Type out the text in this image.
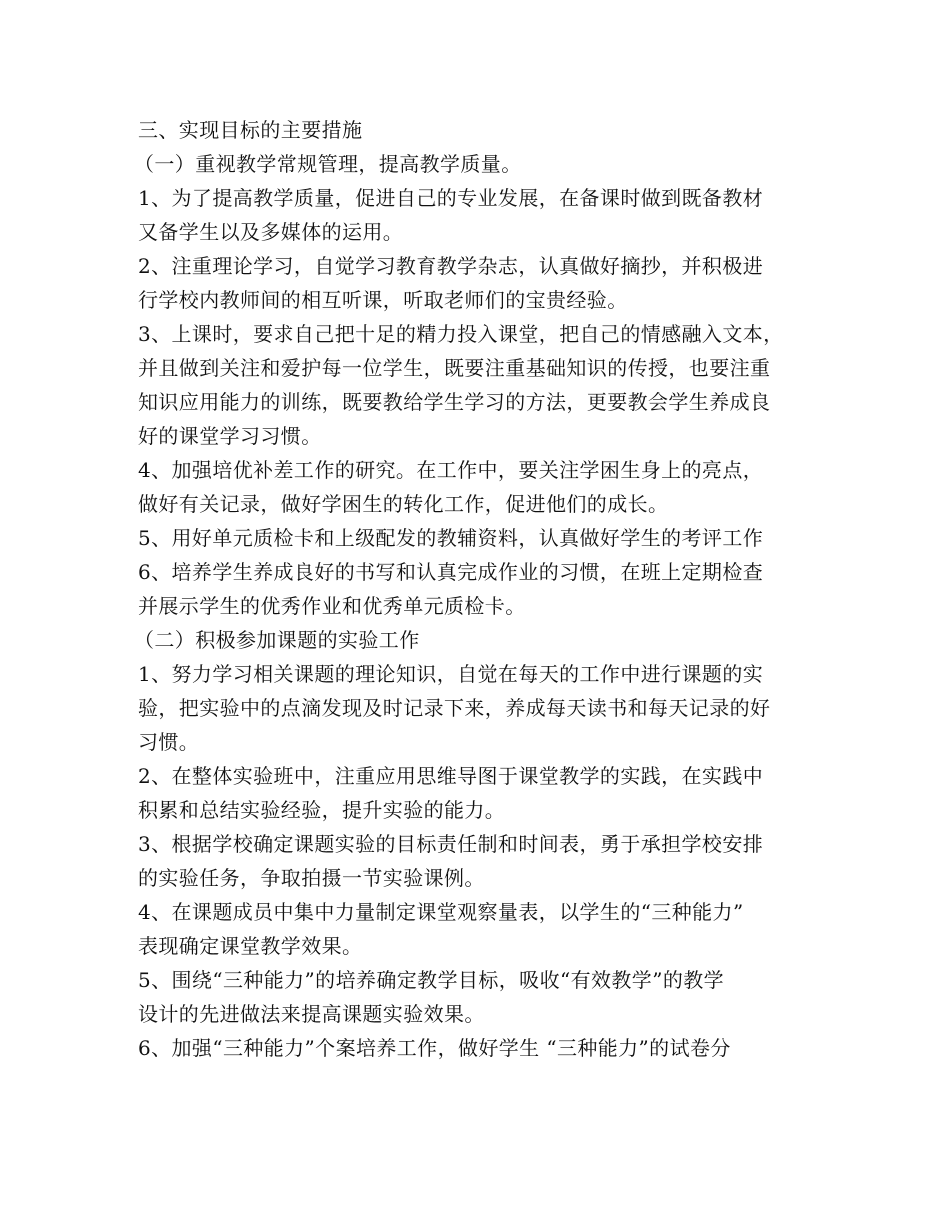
三、实现目标的主要措施
（一）重视教学常规管理，提高教学质量。
1、为了提高教学质量，促进自己的专业发展，在备课时做到既备教材
又备学生以及多媒体的运用。
2、注重理论学习，自觉学习教育教学杂志，认真做好摘抄，并积极进
行学校内教师间的相互听课，听取老师们的宝贵经验。
3、上课时，要求自己把十足的精力投入课堂，把自己的情感融入文本，
并且做到关注和爱护每一位学生，既要注重基础知识的传授，也要注重
知识应用能力的训练，既要教给学生学习的方法，更要教会学生养成良
好的课堂学习习惯。
4、加强培优补差工作的研究。在工作中，要关注学困生身上的亮点，
做好有关记录，做好学困生的转化工作，促进他们的成长。
5、用好单元质检卡和上级配发的教辅资料，认真做好学生的考评工作
6、培养学生养成良好的书写和认真完成作业的习惯，在班上定期检查
并展示学生的优秀作业和优秀单元质检卡。
（二）积极参加课题的实验工作
1、努力学习相关课题的理论知识，自觉在每天的工作中进行课题的实
验，把实验中的点滴发现及时记录下来，养成每天读书和每天记录的好
习惯。
2、在整体实验班中，注重应用思维导图于课堂教学的实践，在实践中
积累和总结实验经验，提升实验的能力。
3、根据学校确定课题实验的目标责任制和时间表，勇于承担学校安排
的实验任务，争取拍摄一节实验课例。
4、在课题成员中集中力量制定课堂观察量表，以学生的“三种能力”
表现确定课堂教学效果。
5、围绕“三种能力”的培养确定教学目标，吸收“有效教学”的教学
设计的先进做法来提高课题实验效果。
6、加强“三种能力”个案培养工作，做好学生 “三种能力”的试卷分
